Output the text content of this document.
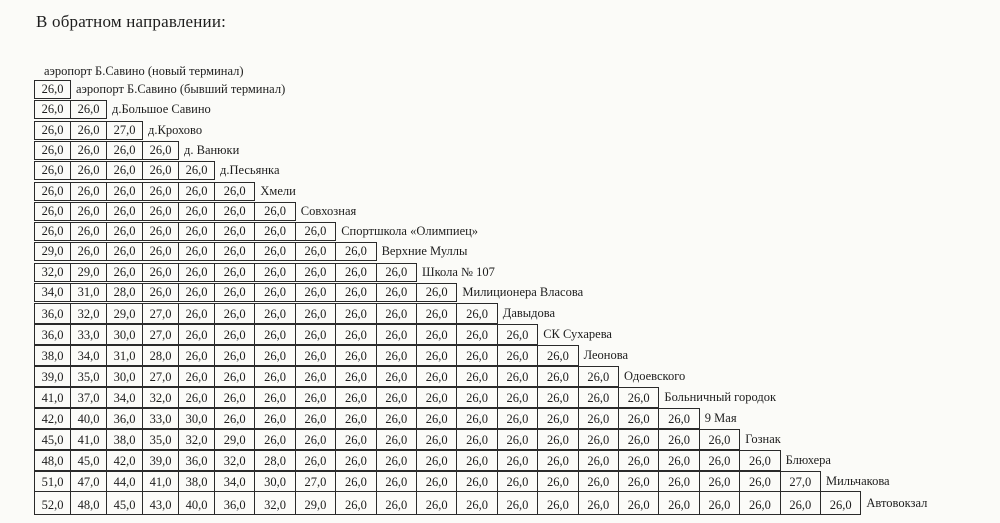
В обратном направлении:
аэропорт Б.Савино (новый терминал)
26,0	аэропорт Б.Савино (бывший терминал)
26,0	26,0	д.Большое Савино
26,0	26,0	27,0	д.Крохово
26,0	26,0	26,0	26,0	д. Ванюки
26,0	26,0	26,0	26,0	26,0	д.Песьянка
26,0	26,0	26,0	26,0	26,0	26,0	Хмели
26,0	26,0	26,0	26,0	26,0	26,0	26,0	Совхозная
26,0	26,0	26,0	26,0	26,0	26,0	26,0	26,0	Спортшкола «Олимпиец»
29,0	26,0	26,0	26,0	26,0	26,0	26,0	26,0	26,0	Верхние Муллы
32,0	29,0	26,0	26,0	26,0	26,0	26,0	26,0	26,0	26,0	Школа № 107
34,0	31,0	28,0	26,0	26,0	26,0	26,0	26,0	26,0	26,0	26,0	Милиционера Власова
36,0	32,0	29,0	27,0	26,0	26,0	26,0	26,0	26,0	26,0	26,0	26,0	Давыдова
36,0	33,0	30,0	27,0	26,0	26,0	26,0	26,0	26,0	26,0	26,0	26,0	26,0	СК Сухарева
38,0	34,0	31,0	28,0	26,0	26,0	26,0	26,0	26,0	26,0	26,0	26,0	26,0	26,0	Леонова
39,0	35,0	30,0	27,0	26,0	26,0	26,0	26,0	26,0	26,0	26,0	26,0	26,0	26,0	26,0	Одоевского
41,0	37,0	34,0	32,0	26,0	26,0	26,0	26,0	26,0	26,0	26,0	26,0	26,0	26,0	26,0	26,0	Больничный городок
42,0	40,0	36,0	33,0	30,0	26,0	26,0	26,0	26,0	26,0	26,0	26,0	26,0	26,0	26,0	26,0	26,0	9 Мая
45,0	41,0	38,0	35,0	32,0	29,0	26,0	26,0	26,0	26,0	26,0	26,0	26,0	26,0	26,0	26,0	26,0	26,0	Гознак
48,0	45,0	42,0	39,0	36,0	32,0	28,0	26,0	26,0	26,0	26,0	26,0	26,0	26,0	26,0	26,0	26,0	26,0	26,0	Блюхера
51,0	47,0	44,0	41,0	38,0	34,0	30,0	27,0	26,0	26,0	26,0	26,0	26,0	26,0	26,0	26,0	26,0	26,0	26,0	27,0	Мильчакова
52,0	48,0	45,0	43,0	40,0	36,0	32,0	29,0	26,0	26,0	26,0	26,0	26,0	26,0	26,0	26,0	26,0	26,0	26,0	26,0	26,0	Автовокзал
